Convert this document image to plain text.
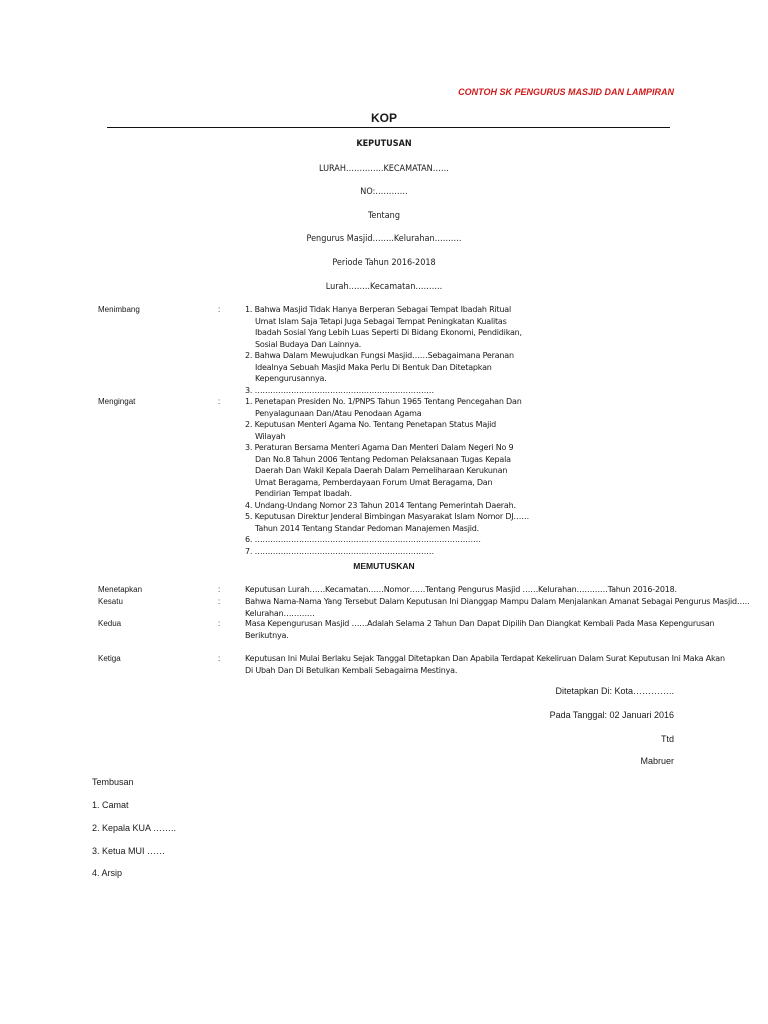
CONTOH SK PENGURUS MASJID DAN LAMPIRAN
KOP
KEPUTUSAN
LURAH…………..KECAMATAN……
NO:…………
Tentang
Pengurus Masjid……..Kelurahan……….
Periode Tahun 2016-2018
Lurah……..Kecamatan……….
Menimbang	:	1. Bahwa Masjid Tidak Hanya Berperan Sebagai Tempat Ibadah Ritual
Umat Islam Saja Tetapi Juga Sebagai Tempat Peningkatan Kualitas
Ibadah Sosial Yang Lebih Luas Seperti Di Bidang Ekonomi, Pendidikan,
Sosial Budaya Dan Lainnya.
2. Bahwa Dalam Mewujudkan Fungsi Masjid……Sebagaimana Peranan
Idealnya Sebuah Masjid Maka Perlu Di Bentuk Dan Ditetapkan
Kepengurusannya.
3. ……………………………………………………………
Mengingat	:	1. Penetapan Presiden No. 1/PNPS Tahun 1965 Tentang Pencegahan Dan
Penyalagunaan Dan/Atau Penodaan Agama
2. Keputusan Menteri Agama No. Tentang Penetapan Status Majid
Wilayah
3. Peraturan Bersama Menteri Agama Dan Menteri Dalam Negeri No 9
Dan No.8 Tahun 2006 Tentang Pedoman Pelaksanaan Tugas Kepala
Daerah Dan Wakil Kepala Daerah Dalam Pemeliharaan Kerukunan
Umat Beragama, Pemberdayaan Forum Umat Beragama, Dan
Pendirian Tempat Ibadah.
4. Undang-Undang Nomor 23 Tahun 2014 Tentang Pemerintah Daerah.
5. Keputusan Direktur Jenderal Bimbingan Masyarakat Islam Nomor DJ……
Tahun 2014 Tentang Standar Pedoman Manajemen Masjid.
6. ……………………………………………………………………………
7. ……………………………………………………………
MEMUTUSKAN
Menetapkan	:	Keputusan Lurah……Kecamatan……Nomor……Tentang Pengurus Masjid ……Kelurahan…………Tahun 2016-2018.
Kesatu	:	Bahwa Nama-Nama Yang Tersebut Dalam Keputusan Ini Dianggap Mampu Dalam Menjalankan Amanat Sebagai Pengurus Masjid…..
Kelurahan…………
Kedua	:	Masa Kepengurusan Masjid ……Adalah Selama 2 Tahun Dan Dapat Dipilih Dan Diangkat Kembali Pada Masa Kepengurusan
Berikutnya.
Ketiga	:	Keputusan Ini Mulai Berlaku Sejak Tanggal Ditetapkan Dan Apabila Terdapat Kekeliruan Dalam Surat Keputusan Ini Maka Akan
Di Ubah Dan Di Betulkan Kembali Sebagaima Mestinya.
Ditetapkan Di: Kota…………..
Pada Tanggal: 02 Januari 2016
Ttd
Mabruer
Tembusan
1. Camat
2. Kepala KUA ……..
3. Ketua MUI ……
4. Arsip
